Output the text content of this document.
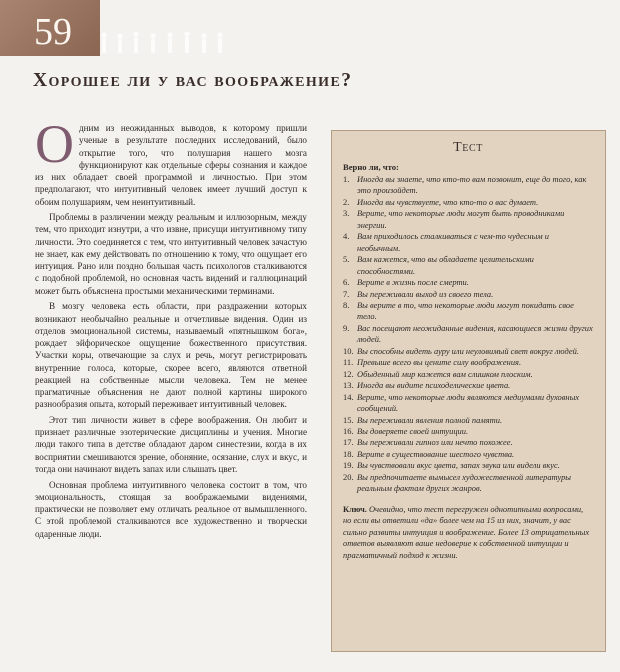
59
Хорошее ли у вас воображение?

Одним из неожиданных выводов, к которому пришли ученые в результате последних исследований, было открытие того, что полушария нашего мозга функционируют как отдельные сферы сознания и каждое из них обладает своей программой и личностью. При этом предполагают, что интуитивный человек имеет лучший доступ к обоим полушариям, чем неинтуитивный.

Проблемы в различении между реальным и иллюзорным, между тем, что приходит изнутри, а что извне, присущи интуитивному типу личности. Это соединяется с тем, что интуитивный человек зачастую не знает, как ему действовать по отношению к тому, что ощущает его интуиция. Рано или поздно большая часть психологов сталкиваются с подобной проблемой, но основная часть видений и галлюцинаций может быть объяснена простыми механическими терминами.

В мозгу человека есть области, при раздражении которых возникают необычайно реальные и отчетливые видения. Один из отделов эмоциональной системы, называемый «пятнышком бога», рождает эйфорическое ощущение божественного присутствия. Участки коры, отвечающие за слух и речь, могут регистрировать внутренние голоса, которые, скорее всего, являются ответной реакцией на собственные мысли человека. Тем не менее прагматичные объяснения не дают полной картины широкого разнообразия опыта, который переживает интуитивный человек.

Этот тип личности живет в сфере воображения. Он любит и признает различные эзотерические дисциплины и учения. Многие люди такого типа в детстве обладают даром синестезии, когда в их восприятии смешиваются зрение, обоняние, осязание, слух и вкус, и тогда они начинают видеть запах или слышать цвет.

Основная проблема интуитивного человека состоит в том, что эмоциональность, стоящая за воображаемыми видениями, практически не позволяет ему отличать реальное от вымышленного. С этой проблемой сталкиваются все художественно и творчески одаренные люди.

Тест
Верно ли, что:
1. Иногда вы знаете, что кто-то вам позвонит, еще до того, как это произойдет.
2. Иногда вы чувствуете, что кто-то о вас думает.
3. Верите, что некоторые люди могут быть проводниками энергии.
4. Вам приходилось сталкиваться с чем-то чудесным и необычным.
5. Вам кажется, что вы обладаете целительскими способностями.
6. Верите в жизнь после смерти.
7. Вы переживали выход из своего тела.
8. Вы верите в то, что некоторые люди могут покидать свое тело.
9. Вас посещают неожиданные видения, касающиеся жизни других людей.
10. Вы способны видеть ауру или неуловимый свет вокруг людей.
11. Превыше всего вы цените силу воображения.
12. Обыденный мир кажется вам слишком плоским.
13. Иногда вы видите психоделические цвета.
14. Верите, что некоторые люди являются медиумами духовных сообщений.
15. Вы переживали явления полной памяти.
16. Вы доверяете своей интуиции.
17. Вы переживали гипноз или нечто похожее.
18. Верите в существование шестого чувства.
19. Вы чувствовали вкус цвета, запах звука или видели вкус.
20. Вы предпочитаете вымысел художественной литературы реальным фактам других жанров.

Ключ. Очевидно, что тест перегружен однотипными вопросами, но если вы ответили «да» более чем на 15 из них, значит, у вас сильно развиты интуиция и воображение. Более 13 отрицательных ответов выявляют ваше недоверие к собственной интуиции и прагматичный подход к жизни.
